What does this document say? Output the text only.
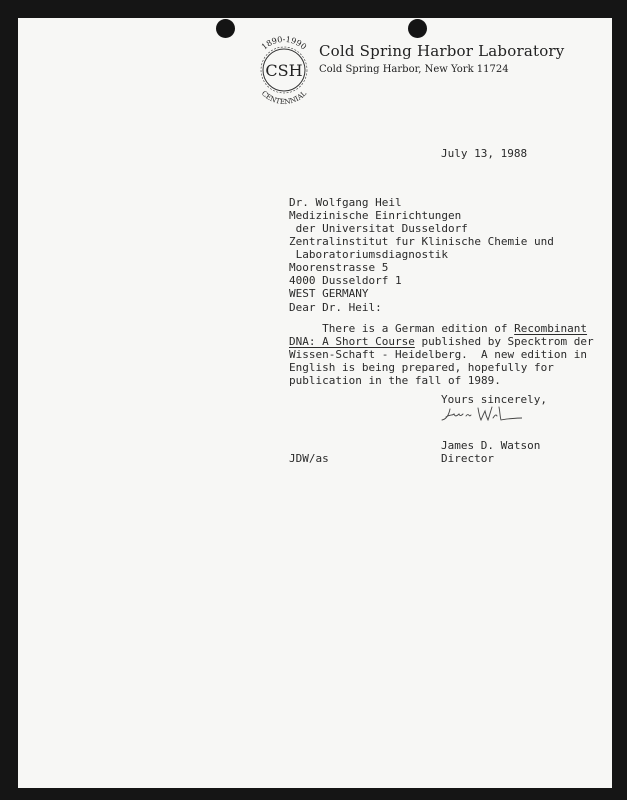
CSH
1890-1990
CENTENNIAL
Cold Spring Harbor Laboratory
Cold Spring Harbor, New York 11724
July 13, 1988
Dr. Wolfgang Heil
Medizinische Einrichtungen
der Universitat Dusseldorf
Zentralinstitut fur Klinische Chemie und
Laboratoriumsdiagnostik
Moorenstrasse 5
4000 Dusseldorf 1
WEST GERMANY
Dear Dr. Heil:
There is a German edition of Recombinant
DNA: A Short Course published by Specktrom der
Wissen-Schaft - Heidelberg.  A new edition in
English is being prepared, hopefully for
publication in the fall of 1989.
Yours sincerely,
James D. Watson
Director
JDW/as
